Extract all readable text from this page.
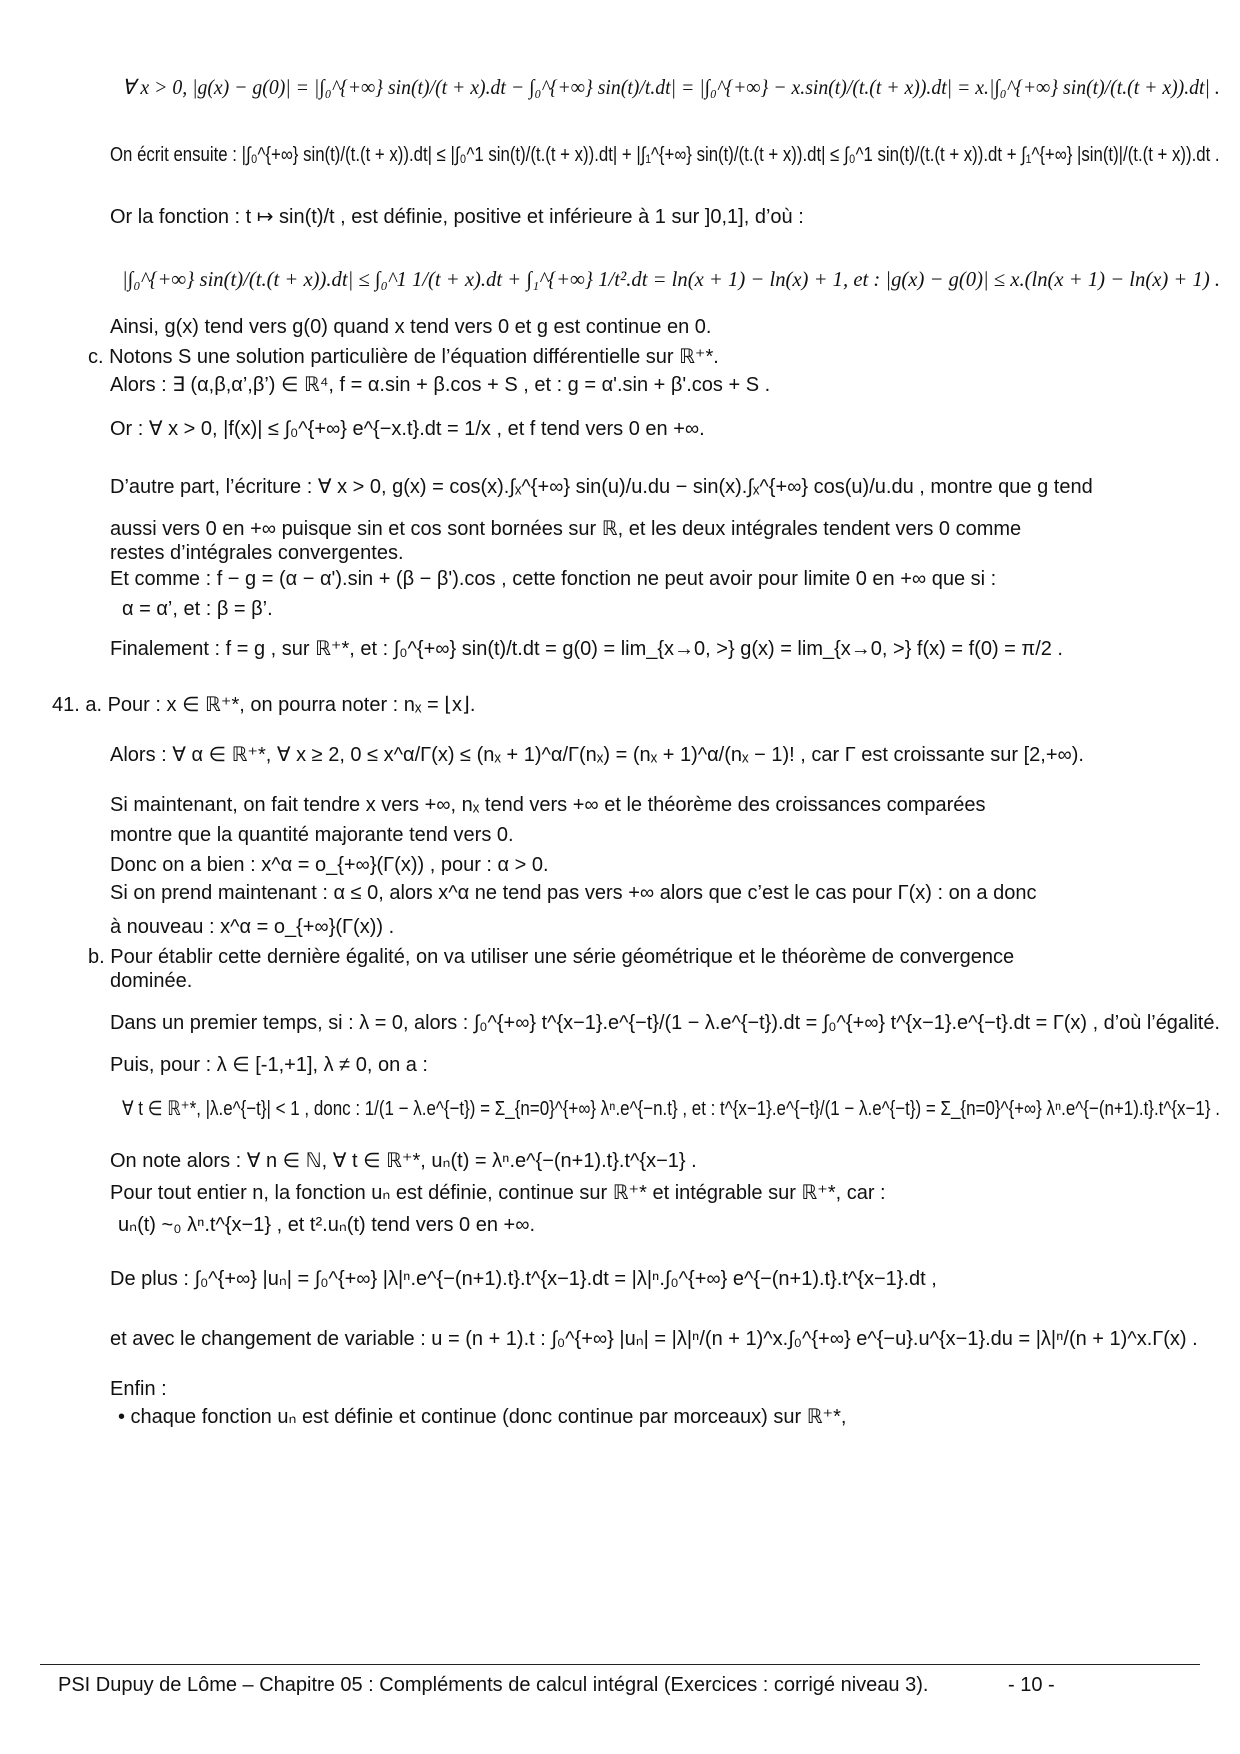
∀ x > 0, |g(x) − g(0)| = |∫₀^{+∞} sin(t)/(t + x).dt − ∫₀^{+∞} sin(t)/t.dt| = |∫₀^{+∞} − x.sin(t)/(t.(t + x)).dt| = x.|∫₀^{+∞} sin(t)/(t.(t + x)).dt| .
On écrit ensuite : |∫₀^{+∞} sin(t)/(t.(t + x)).dt| ≤ |∫₀^1 sin(t)/(t.(t + x)).dt| + |∫₁^{+∞} sin(t)/(t.(t + x)).dt| ≤ ∫₀^1 sin(t)/(t.(t + x)).dt + ∫₁^{+∞} |sin(t)|/(t.(t + x)).dt .
Or la fonction : t ↦ sin(t)/t , est définie, positive et inférieure à 1 sur ]0,1], d’où :
|∫₀^{+∞} sin(t)/(t.(t + x)).dt| ≤ ∫₀^1 1/(t + x).dt + ∫₁^{+∞} 1/t².dt = ln(x + 1) − ln(x) + 1, et : |g(x) − g(0)| ≤ x.(ln(x + 1) − ln(x) + 1) .
Ainsi, g(x) tend vers g(0) quand x tend vers 0 et g est continue en 0.
c. Notons S une solution particulière de l’équation différentielle sur ℝ⁺*.
Alors : ∃ (α,β,α’,β’) ∈ ℝ⁴, f = α.sin + β.cos + S , et : g = α'.sin + β'.cos + S .
Or : ∀ x > 0, |f(x)| ≤ ∫₀^{+∞} e^{−x.t}.dt = 1/x , et f tend vers 0 en +∞.
D’autre part, l’écriture : ∀ x > 0, g(x) = cos(x).∫ₓ^{+∞} sin(u)/u.du − sin(x).∫ₓ^{+∞} cos(u)/u.du , montre que g tend
aussi vers 0 en +∞ puisque sin et cos sont bornées sur ℝ, et les deux intégrales tendent vers 0 comme
restes d’intégrales convergentes.
Et comme : f − g = (α − α').sin + (β − β').cos , cette fonction ne peut avoir pour limite 0 en +∞ que si :
α = α’, et : β = β’.
Finalement : f = g , sur ℝ⁺*, et : ∫₀^{+∞} sin(t)/t.dt = g(0) = lim_{x→0, >} g(x) = lim_{x→0, >} f(x) = f(0) = π/2 .
41. a. Pour : x ∈ ℝ⁺*, on pourra noter : nₓ = ⌊x⌋.
Alors : ∀ α ∈ ℝ⁺*, ∀ x ≥ 2, 0 ≤ x^α/Γ(x) ≤ (nₓ + 1)^α/Γ(nₓ) = (nₓ + 1)^α/(nₓ − 1)! , car Γ est croissante sur [2,+∞).
Si maintenant, on fait tendre x vers +∞, nₓ tend vers +∞ et le théorème des croissances comparées
montre que la quantité majorante tend vers 0.
Donc on a bien : x^α = o_{+∞}(Γ(x)) , pour : α > 0.
Si on prend maintenant : α ≤ 0, alors x^α ne tend pas vers +∞ alors que c’est le cas pour Γ(x) : on a donc
à nouveau : x^α = o_{+∞}(Γ(x)) .
b. Pour établir cette dernière égalité, on va utiliser une série géométrique et le théorème de convergence
dominée.
Dans un premier temps, si : λ = 0, alors : ∫₀^{+∞} t^{x−1}.e^{−t}/(1 − λ.e^{−t}).dt = ∫₀^{+∞} t^{x−1}.e^{−t}.dt = Γ(x) , d’où l’égalité.
Puis, pour : λ ∈ [-1,+1], λ ≠ 0, on a :
∀ t ∈ ℝ⁺*, |λ.e^{−t}| < 1 , donc : 1/(1 − λ.e^{−t}) = Σ_{n=0}^{+∞} λⁿ.e^{−n.t} , et : t^{x−1}.e^{−t}/(1 − λ.e^{−t}) = Σ_{n=0}^{+∞} λⁿ.e^{−(n+1).t}.t^{x−1} .
On note alors : ∀ n ∈ ℕ, ∀ t ∈ ℝ⁺*, uₙ(t) = λⁿ.e^{−(n+1).t}.t^{x−1} .
Pour tout entier n, la fonction uₙ est définie, continue sur ℝ⁺* et intégrable sur ℝ⁺*, car :
uₙ(t) ~₀ λⁿ.t^{x−1} , et t².uₙ(t) tend vers 0 en +∞.
De plus : ∫₀^{+∞} |uₙ| = ∫₀^{+∞} |λ|ⁿ.e^{−(n+1).t}.t^{x−1}.dt = |λ|ⁿ.∫₀^{+∞} e^{−(n+1).t}.t^{x−1}.dt ,
et avec le changement de variable : u = (n + 1).t : ∫₀^{+∞} |uₙ| = |λ|ⁿ/(n + 1)^x.∫₀^{+∞} e^{−u}.u^{x−1}.du = |λ|ⁿ/(n + 1)^x.Γ(x) .
Enfin :
• chaque fonction uₙ est définie et continue (donc continue par morceaux) sur ℝ⁺*,
PSI Dupuy de Lôme – Chapitre 05 : Compléments de calcul intégral (Exercices : corrigé niveau 3).	- 10 -
